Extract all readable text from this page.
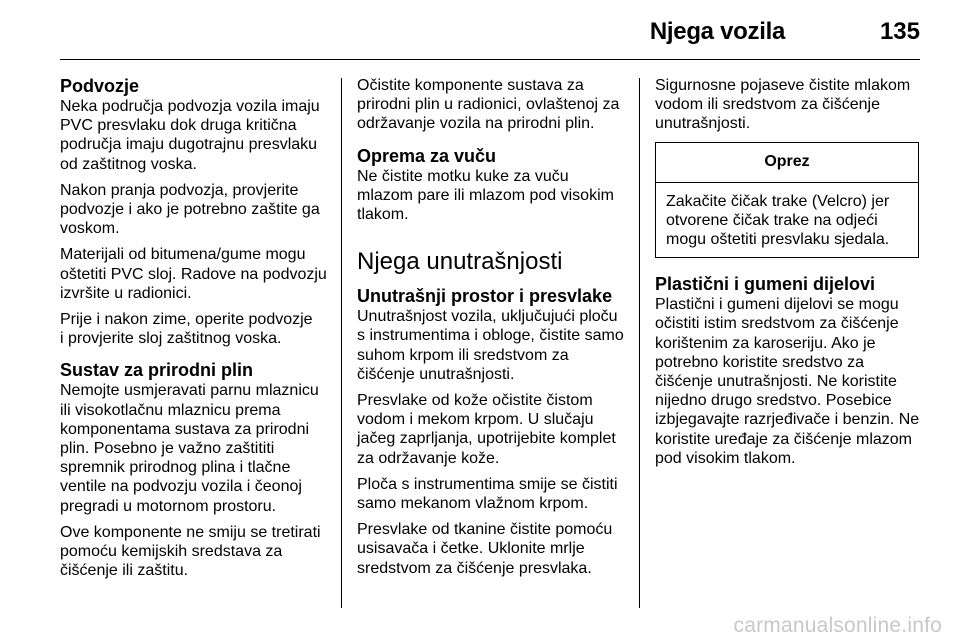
Njega vozila	135
Podvozje

Neka područja podvozja vozila imaju
PVC presvlaku dok druga kritična
područja imaju dugotrajnu presvlaku
od zaštitnog voska.

Nakon pranja podvozja, provjerite
podvozje i ako je potrebno zaštite ga
voskom.

Materijali od bitumena/gume mogu
oštetiti PVC sloj. Radove na podvozju
izvršite u radionici.

Prije i nakon zime, operite podvozje
i provjerite sloj zaštitnog voska.

Sustav za prirodni plin

Nemojte usmjeravati parnu mlaznicu
ili visokotlačnu mlaznicu prema
komponentama sustava za prirodni
plin. Posebno je važno zaštititi
spremnik prirodnog plina i tlačne
ventile na podvozju vozila i čeonoj
pregradi u motornom prostoru.

Ove komponente ne smiju se tretirati
pomoću kemijskih sredstava za
čišćenje ili zaštitu.

Očistite komponente sustava za
prirodni plin u radionici, ovlaštenoj za
održavanje vozila na prirodni plin.

Oprema za vuču

Ne čistite motku kuke za vuču
mlazom pare ili mlazom pod visokim
tlakom.

Njega unutrašnjosti
Unutrašnji prostor i presvlake

Unutrašnjost vozila, uključujući ploču
s instrumentima i obloge, čistite samo
suhom krpom ili sredstvom za
čišćenje unutrašnjosti.

Presvlake od kože očistite čistom
vodom i mekom krpom. U slučaju
jačeg zaprljanja, upotrijebite komplet
za održavanje kože.

Ploča s instrumentima smije se čistiti
samo mekanom vlažnom krpom.

Presvlake od tkanine čistite pomoću
usisavača i četke. Uklonite mrlje
sredstvom za čišćenje presvlaka.

Sigurnosne pojaseve čistite mlakom
vodom ili sredstvom za čišćenje
unutrašnjosti.

Oprez
Zakačite čičak trake (Velcro) jer
otvorene čičak trake na odjeći
mogu oštetiti presvlaku sjedala.
Plastični i gumeni dijelovi

Plastični i gumeni dijelovi se mogu
očistiti istim sredstvom za čišćenje
korištenim za karoseriju. Ako je
potrebno koristite sredstvo za
čišćenje unutrašnjosti. Ne koristite
nijedno drugo sredstvo. Posebice
izbjegavajte razrjeđivače i benzin. Ne
koristite uređaje za čišćenje mlazom
pod visokim tlakom.

carmanualsonline.info
